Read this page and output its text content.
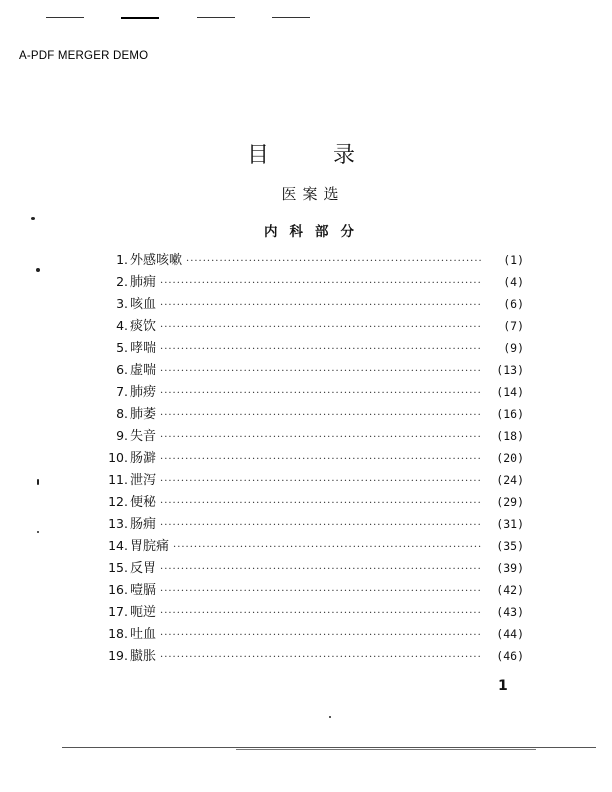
A-PDF MERGER DEMO
目录
医案选
内科部分
1. 外感咳嗽 ·····	(1)
2. 肺痈 ·····	(4)
3. 咳血 ·····	(6)
4. 痰饮 ·····	(7)
5. 哮喘 ·····	(9)
6. 虚喘 ·····	(13)
7. 肺痨 ·····	(14)
8. 肺萎 ·····	(16)
9. 失音 ·····	(18)
10. 肠澼 ·····	(20)
11. 泄泻 ·····	(24)
12. 便秘 ·····	(29)
13. 肠痈 ·····	(31)
14. 胃脘痛 ·····	(35)
15. 反胃 ·····	(39)
16. 噎膈 ·····	(42)
17. 呃逆 ·····	(43)
18. 吐血 ·····	(44)
19. 臌胀 ·····	(46)
1
